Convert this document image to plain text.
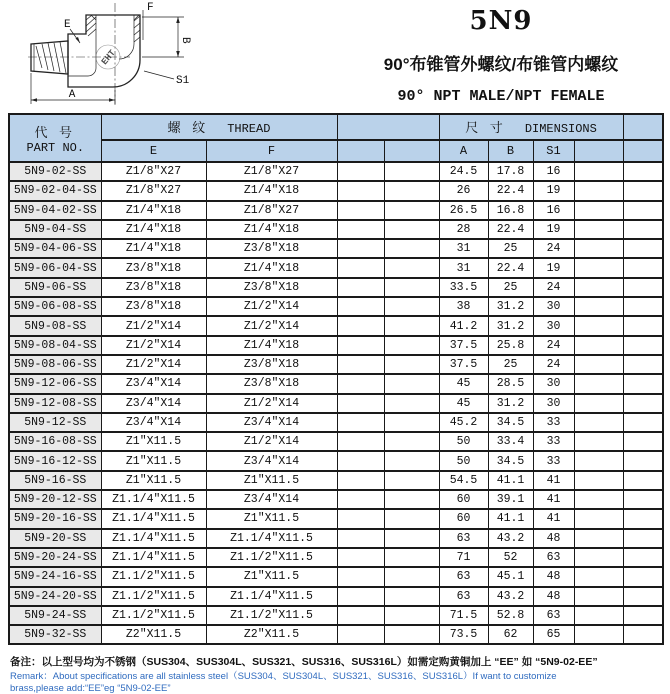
EHT
F
E
B
A
S1

5N9

90°布锥管外螺纹/布锥管内螺纹

90° NPT MALE/NPT FEMALE

代 号
PART NO.	螺 纹 THREAD				尺 寸 DIMENSIONS				
	E	F			A	B	S1		
5N9-02-SS	Z1/8″X27	Z1/8″X27			24.5	17.8	16		
5N9-02-04-SS	Z1/8″X27	Z1/4″X18			26	22.4	19		
5N9-04-02-SS	Z1/4″X18	Z1/8″X27			26.5	16.8	16		
5N9-04-SS	Z1/4″X18	Z1/4″X18			28	22.4	19		
5N9-04-06-SS	Z1/4″X18	Z3/8″X18			31	25	24		
5N9-06-04-SS	Z3/8″X18	Z1/4″X18			31	22.4	19		
5N9-06-SS	Z3/8″X18	Z3/8″X18			33.5	25	24		
5N9-06-08-SS	Z3/8″X18	Z1/2″X14			38	31.2	30		
5N9-08-SS	Z1/2″X14	Z1/2″X14			41.2	31.2	30		
5N9-08-04-SS	Z1/2″X14	Z1/4″X18			37.5	25.8	24		
5N9-08-06-SS	Z1/2″X14	Z3/8″X18			37.5	25	24		
5N9-12-06-SS	Z3/4″X14	Z3/8″X18			45	28.5	30		
5N9-12-08-SS	Z3/4″X14	Z1/2″X14			45	31.2	30		
5N9-12-SS	Z3/4″X14	Z3/4″X14			45.2	34.5	33		
5N9-16-08-SS	Z1″X11.5	Z1/2″X14			50	33.4	33		
5N9-16-12-SS	Z1″X11.5	Z3/4″X14			50	34.5	33		
5N9-16-SS	Z1″X11.5	Z1″X11.5			54.5	41.1	41		
5N9-20-12-SS	Z1.1/4″X11.5	Z3/4″X14			60	39.1	41		
5N9-20-16-SS	Z1.1/4″X11.5	Z1″X11.5			60	41.1	41		
5N9-20-SS	Z1.1/4″X11.5	Z1.1/4″X11.5			63	43.2	48		
5N9-20-24-SS	Z1.1/4″X11.5	Z1.1/2″X11.5			71	52	63		
5N9-24-16-SS	Z1.1/2″X11.5	Z1″X11.5			63	45.1	48		
5N9-24-20-SS	Z1.1/2″X11.5	Z1.1/4″X11.5			63	43.2	48		
5N9-24-SS	Z1.1/2″X11.5	Z1.1/2″X11.5			71.5	52.8	63		
5N9-32-SS	Z2″X11.5	Z2″X11.5			73.5	62	65		

备注：以上型号均为不锈钢（SUS304、SUS304L、SUS321、SUS316、SUS316L）如需定购黄铜加上 “EE” 如 “5N9-02-EE”

Remark：About specifications are all stainless steel（SUS304、SUS304L、SUS321、SUS316、SUS316L）If want to customize

brass,please add:“EE”eg “5N9-02-EE”
